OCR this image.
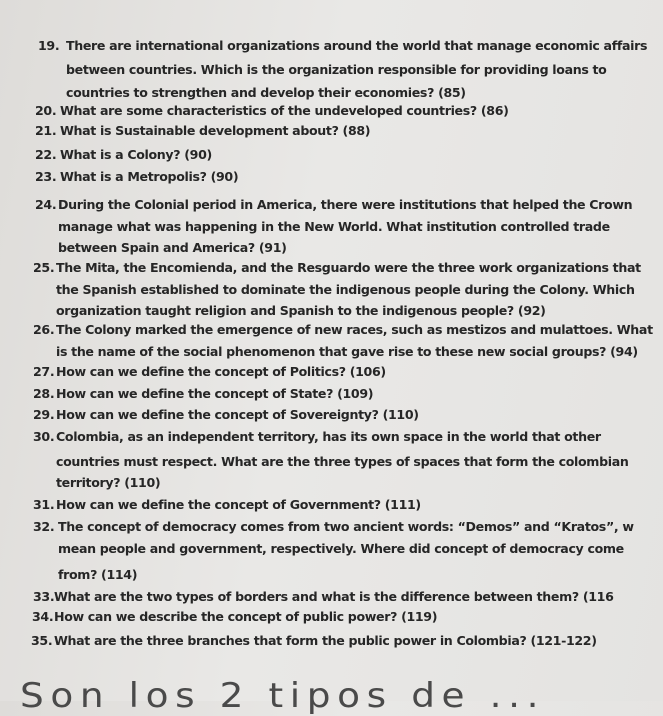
19. There are international organizations around the world that manage economic affairs
between countries. Which is the organization responsible for providing loans to
countries to strengthen and develop their economies? (85)
20. What are some characteristics of the undeveloped countries? (86)
21. What is Sustainable development about? (88)
22. What is a Colony? (90)
23. What is a Metropolis? (90)
24. During the Colonial period in America, there were institutions that helped the Crown
manage what was happening in the New World. What institution controlled trade
between Spain and America? (91)
25. The Mita, the Encomienda, and the Resguardo were the three work organizations that
the Spanish established to dominate the indigenous people during the Colony. Which
organization taught religion and Spanish to the indigenous people? (92)
26. The Colony marked the emergence of new races, such as mestizos and mulattoes. What
is the name of the social phenomenon that gave rise to these new social groups? (94)
27. How can we define the concept of Politics? (106)
28. How can we define the concept of State? (109)
29. How can we define the concept of Sovereignty? (110)
30. Colombia, as an independent territory, has its own space in the world that other
countries must respect. What are the three types of spaces that form the colombian
territory? (110)
31. How can we define the concept of Government? (111)
32. The concept of democracy comes from two ancient words: “Demos” and “Kratos”, w
mean people and government, respectively. Where did concept of democracy come
from? (114)
33. What are the two types of borders and what is the difference between them? (116
34. How can we describe the concept of public power? (119)
35. What are the three branches that form the public power in Colombia? (121-122)
Son los 2 tipos de ...
